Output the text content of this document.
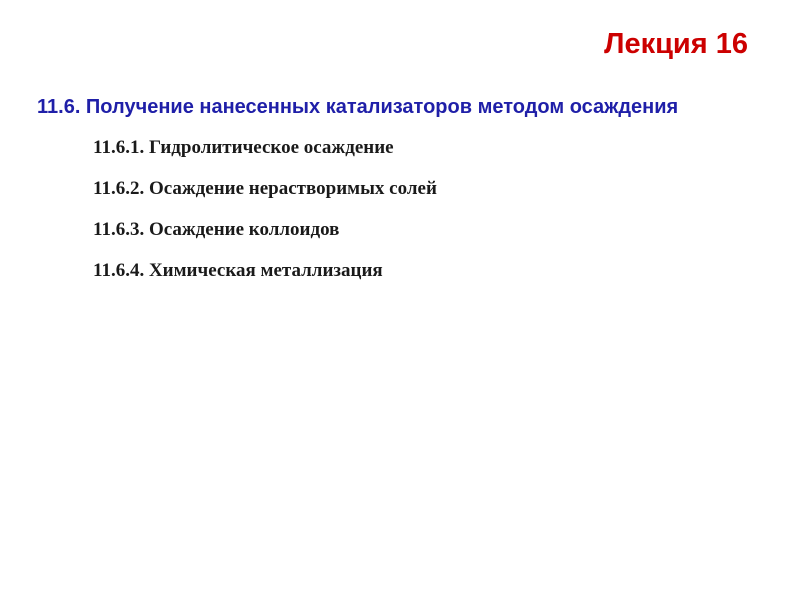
Лекция 16
11.6. Получение нанесенных катализаторов методом осаждения
11.6.1. Гидролитическое осаждение
11.6.2. Осаждение нерастворимых солей
11.6.3. Осаждение коллоидов
11.6.4. Химическая металлизация
